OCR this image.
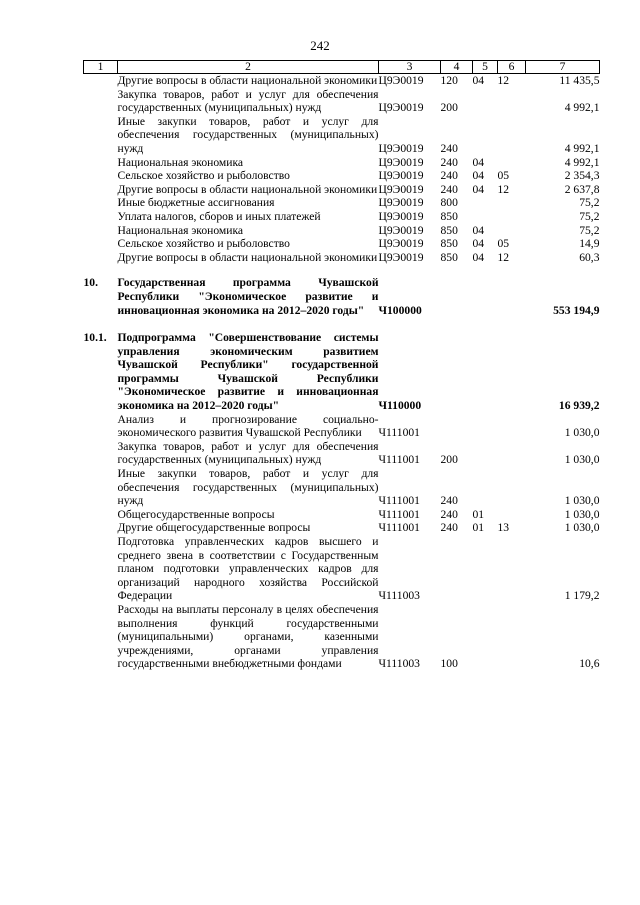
242
1	2	3	4	5	6	7
	Другие вопросы в области национальной экономики	Ц9Э0019	120	04	12	11 435,5
	Закупка товаров, работ и услуг для обеспечения государственных (муниципальных) нужд	Ц9Э0019	200			4 992,1
	Иные закупки товаров, работ и услуг для обеспечения государственных (муниципальных) нужд	Ц9Э0019	240			4 992,1
	Национальная экономика	Ц9Э0019	240	04		4 992,1
	Сельское хозяйство и рыболовство	Ц9Э0019	240	04	05	2 354,3
	Другие вопросы в области национальной экономики	Ц9Э0019	240	04	12	2 637,8
	Иные бюджетные ассигнования	Ц9Э0019	800			75,2
	Уплата налогов, сборов и иных платежей	Ц9Э0019	850			75,2
	Национальная экономика	Ц9Э0019	850	04		75,2
	Сельское хозяйство и рыболовство	Ц9Э0019	850	04	05	14,9
	Другие вопросы в области национальной экономики	Ц9Э0019	850	04	12	60,3
10.	Государственная программа Чувашской Республики "Экономическое развитие и инновационная экономика на 2012–2020 годы"	Ч100000				553 194,9
10.1.	Подпрограмма "Совершенствование системы управления экономическим развитием Чувашской Республики" государственной программы Чувашской Республики "Экономическое развитие и инновационная экономика на 2012–2020 годы"	Ч110000				16 939,2
	Анализ и прогнозирование социально-экономического развития Чувашской Республики	Ч111001				1 030,0
	Закупка товаров, работ и услуг для обеспечения государственных (муниципальных) нужд	Ч111001	200			1 030,0
	Иные закупки товаров, работ и услуг для обеспечения государственных (муниципальных) нужд	Ч111001	240			1 030,0
	Общегосударственные вопросы	Ч111001	240	01		1 030,0
	Другие общегосударственные вопросы	Ч111001	240	01	13	1 030,0
	Подготовка управленческих кадров высшего и среднего звена в соответствии с Государственным планом подготовки управленческих кадров для организаций народного хозяйства Российской Федерации	Ч111003				1 179,2
	Расходы на выплаты персоналу в целях обеспечения выполнения функций государственными (муниципальными) органами, казенными учреждениями, органами управления государственными внебюджетными фондами	Ч111003	100			10,6
